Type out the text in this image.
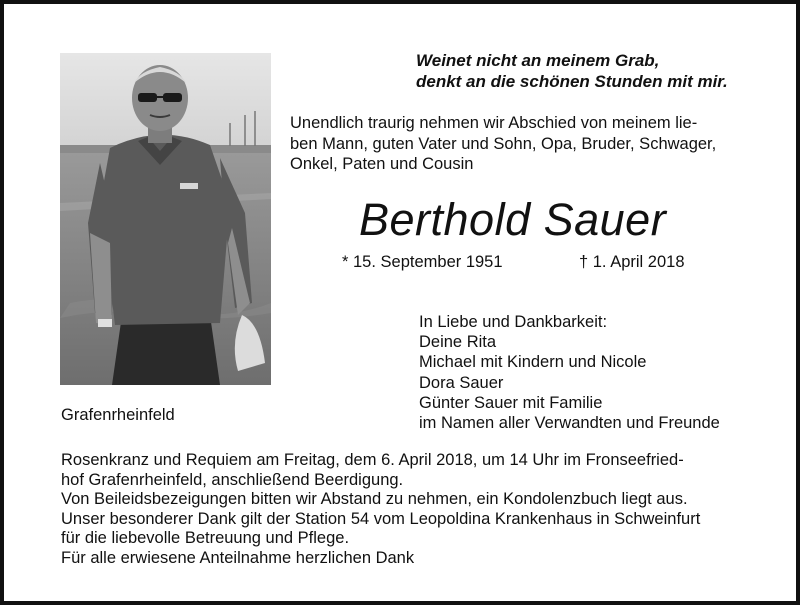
Weinet nicht an meinem Grab,
denkt an die schönen Stunden mit mir.
Unendlich traurig nehmen wir Abschied von meinem lie-
ben Mann, guten Vater und Sohn, Opa, Bruder, Schwager,
Onkel, Paten und Cousin
Berthold Sauer
* 15. September 1951	† 1. April 2018
In Liebe und Dankbarkeit:
Deine Rita
Michael mit Kindern und Nicole
Dora Sauer
Günter Sauer mit Familie
im Namen aller Verwandten und Freunde
Grafenrheinfeld
Rosenkranz und Requiem am Freitag, dem 6. April 2018, um 14 Uhr im Fronseefried-
hof Grafenrheinfeld, anschließend Beerdigung.
Von Beileidsbezeigungen bitten wir Abstand zu nehmen, ein Kondolenzbuch liegt aus.
Unser besonderer Dank gilt der Station 54 vom Leopoldina Krankenhaus in Schweinfurt
für die liebevolle Betreuung und Pflege.
Für alle erwiesene Anteilnahme herzlichen Dank
